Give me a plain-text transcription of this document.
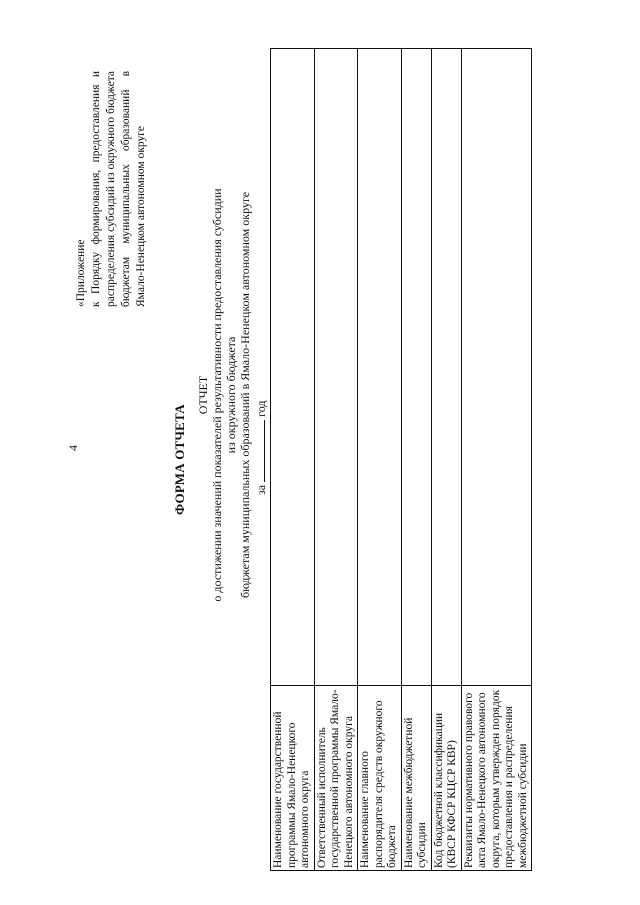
4
«Приложение к Порядку формирования, предоставления и распределения субсидий из окружного бюджета бюджетам муниципальных образований в Ямало-Ненецком автономном округе
ФОРМА ОТЧЕТА
ОТЧЕТ о достижении значений показателей результативности предоставления субсидии из окружного бюджета бюджетам муниципальных образований в Ямало-Ненецком автономном округе загод
Наименование государственной программы Ямало-Ненецкого автономного округа	
Ответственный исполнитель государственной программы Ямало-Ненецкого автономного округа	
Наименование главного распорядителя средств окружного бюджета	
Наименование межбюджетной субсидии	
Код бюджетной классификации (КВСР КФСР КЦСР КВР)	
Реквизиты нормативного правового акта Ямало-Ненецкого автономного округа, которым утвержден порядок предоставления и распределения межбюджетной субсидии	
